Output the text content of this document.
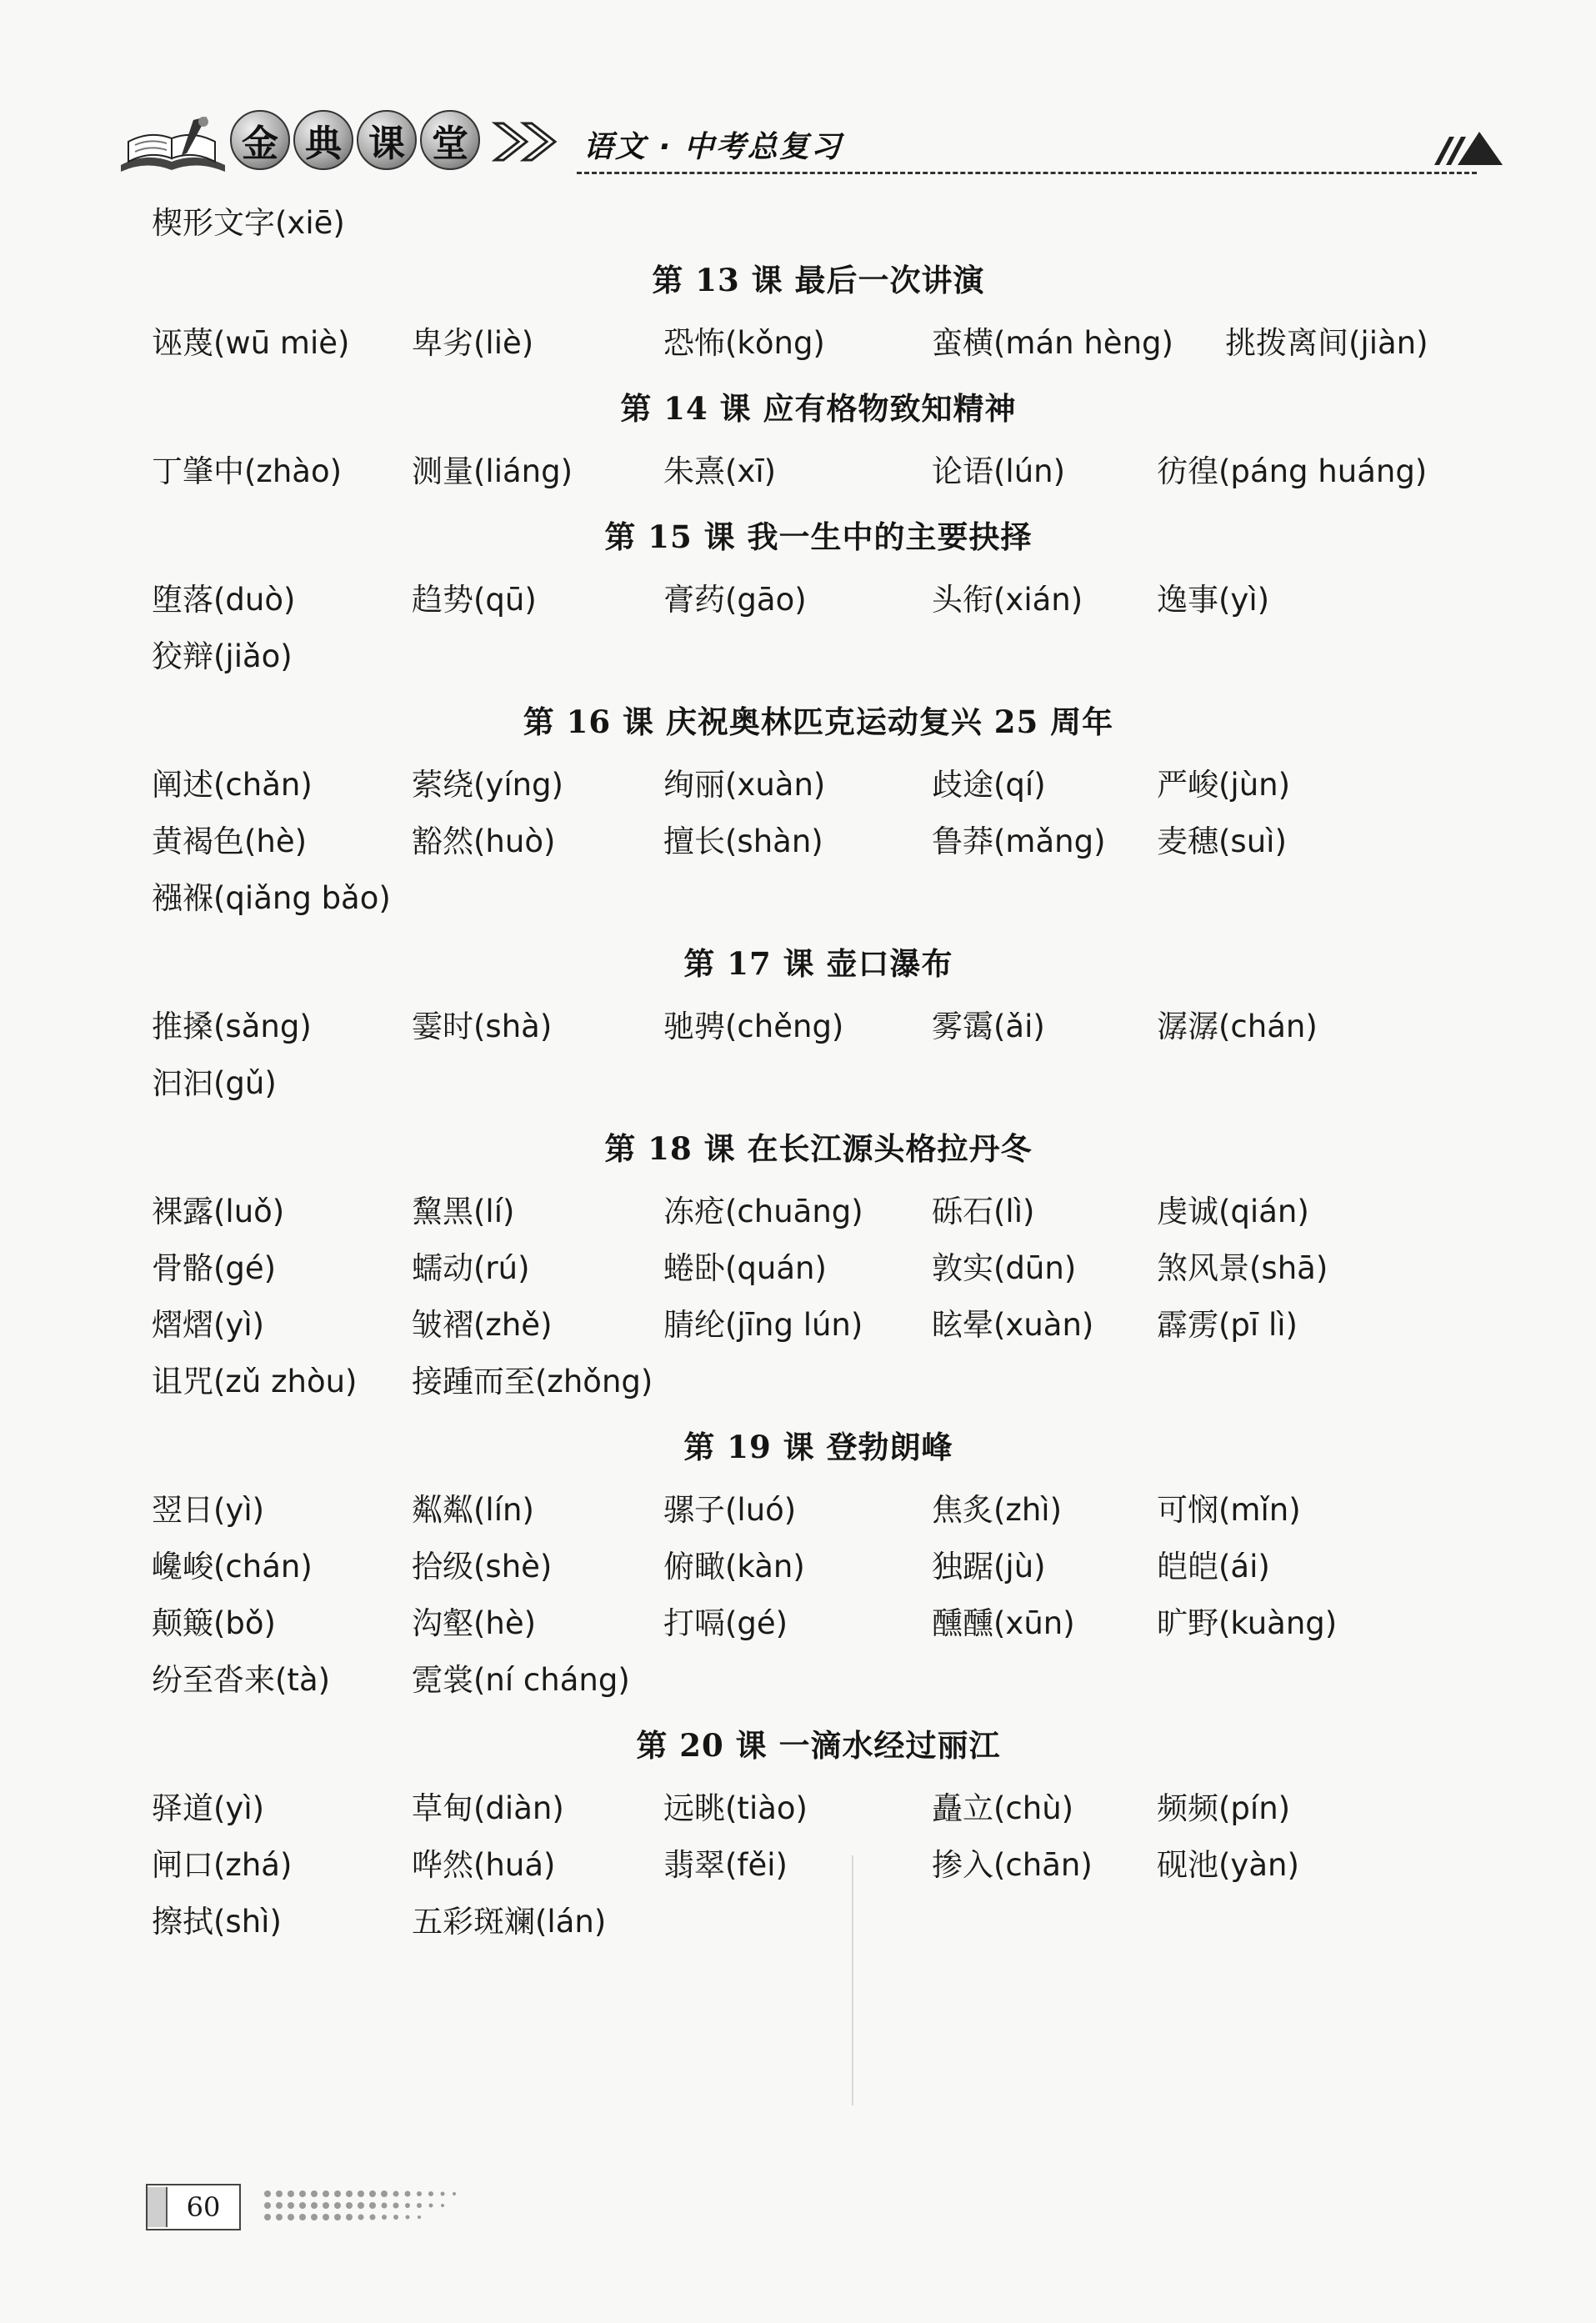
金 典 课 堂	语文 · 中考总复习
楔形文字(xiē)
第 13 课 最后一次讲演
诬蔑(wū miè)	卑劣(liè)	恐怖(kǒng)	蛮横(mán hèng)	挑拨离间(jiàn)
第 14 课 应有格物致知精神
丁肇中(zhào)	测量(liáng)	朱熹(xī)	论语(lún)	彷徨(páng huáng)
第 15 课 我一生中的主要抉择
堕落(duò)	趋势(qū)	膏药(gāo)	头衔(xián)	逸事(yì)
狡辩(jiǎo)
第 16 课 庆祝奥林匹克运动复兴 25 周年
阐述(chǎn)	萦绕(yíng)	绚丽(xuàn)	歧途(qí)	严峻(jùn)
黄褐色(hè)	豁然(huò)	擅长(shàn)	鲁莽(mǎng)	麦穗(suì)
襁褓(qiǎng bǎo)
第 17 课 壶口瀑布
推搡(sǎng)	霎时(shà)	驰骋(chěng)	雾霭(ǎi)	潺潺(chán)
汩汩(gǔ)
第 18 课 在长江源头格拉丹冬
裸露(luǒ)	黧黑(lí)	冻疮(chuāng)	砾石(lì)	虔诚(qián)
骨骼(gé)	蠕动(rú)	蜷卧(quán)	敦实(dūn)	煞风景(shā)
熠熠(yì)	皱褶(zhě)	腈纶(jīng lún)	眩晕(xuàn)	霹雳(pī lì)
诅咒(zǔ zhòu)	接踵而至(zhǒng)
第 19 课 登勃朗峰
翌日(yì)	粼粼(lín)	骡子(luó)	焦炙(zhì)	可悯(mǐn)
巉峻(chán)	拾级(shè)	俯瞰(kàn)	独踞(jù)	皑皑(ái)
颠簸(bǒ)	沟壑(hè)	打嗝(gé)	醺醺(xūn)	旷野(kuàng)
纷至沓来(tà)	霓裳(ní cháng)
第 20 课 一滴水经过丽江
驿道(yì)	草甸(diàn)	远眺(tiào)	矗立(chù)	频频(pín)
闸口(zhá)	哗然(huá)	翡翠(fěi)	掺入(chān)	砚池(yàn)
擦拭(shì)	五彩斑斓(lán)
60
